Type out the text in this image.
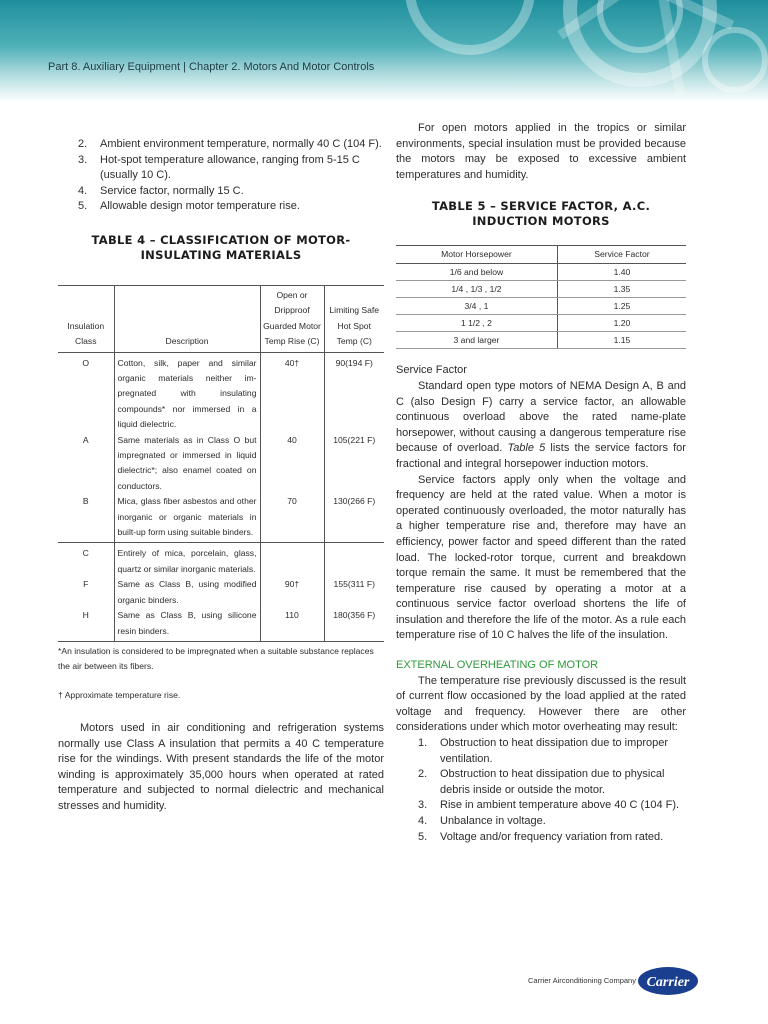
Part 8. Auxiliary Equipment | Chapter 2. Motors And Motor Controls
2.	Ambient environment temperature, normally 40 C (104 F).
3.	Hot-spot temperature allowance, ranging from 5-15 C (usually 10 C).
4.	Service factor, normally 15 C.
5.	Allowable design motor temperature rise.
TABLE 4 – CLASSIFICATION OF MOTOR-INSULATING MATERIALS
Insulation Class	Description	Open or Dripproof Guarded Motor Temp Rise (C)	Limiting Safe Hot Spot Temp (C)
O	Cotton, silk, paper and similar organic materials neither im-pregnated with insulating compounds* nor immersed in a liquid dielectric.	40†	90(194 F)
A	Same materials as in Class O but impregnated or immersed in liquid dielectric*; also enamel coated on conductors.	40	105(221 F)
B	Mica, glass fiber asbestos and other inorganic or organic materials in built-up form using suitable binders.	70	130(266 F)
C	Entirely of mica, porcelain, glass, quartz or similar inorganic materials.		
F	Same as Class B, using modified organic binders.	90†	155(311 F)
H	Same as Class B, using silicone resin binders.	110	180(356 F)
*An insulation is considered to be impregnated when a suitable substance replaces the air between its fibers.
† Approximate temperature rise.

Motors used in air conditioning and refrigeration systems normally use Class A insulation that permits a 40 C temperature rise for the windings. With present standards the life of the motor winding is approximately 35,000 hours when operated at rated temperature and subjected to normal dielectric and mechanical stresses and humidity.

For open motors applied in the tropics or similar environments, special insulation must be provided because the motors may be exposed to excessive ambient temperatures and humidity.

TABLE 5 – SERVICE FACTOR, A.C. INDUCTION MOTORS
Motor Horsepower	Service Factor
1/6 and below	1.40
1/4 , 1/3 , 1/2	1.35
3/4 , 1	1.25
1 1/2 , 2	1.20
3 and larger	1.15
Service Factor

Standard open type motors of NEMA Design A, B and C (also Design F) carry a service factor, an allowable continuous overload above the rated name-plate horsepower, without causing a dangerous temperature rise because of overload. Table 5 lists the service factors for fractional and integral horsepower induction motors.

Service factors apply only when the voltage and frequency are held at the rated value. When a motor is operated continuously overloaded, the motor naturally has a higher temperature rise and, therefore may have an efficiency, power factor and speed different than the rated load. The locked-rotor torque, current and breakdown torque remain the same. It must be remembered that the temperature rise caused by operating a motor at a continuous service factor overload shortens the life of insulation and therefore the life of the motor. As a rule each temperature rise of 10 C halves the life of the insulation.

EXTERNAL OVERHEATING OF MOTOR

The temperature rise previously discussed is the result of current flow occasioned by the load applied at the rated voltage and frequency. However there are other considerations under which motor overheating may result:

1.	Obstruction to heat dissipation due to improper ventilation.
2.	Obstruction to heat dissipation due to physical debris inside or outside the motor.
3.	Rise in ambient temperature above 40 C (104 F).
4.	Unbalance in voltage.
5.	Voltage and/or frequency variation from rated.
Carrier Airconditioning Company Carrier
